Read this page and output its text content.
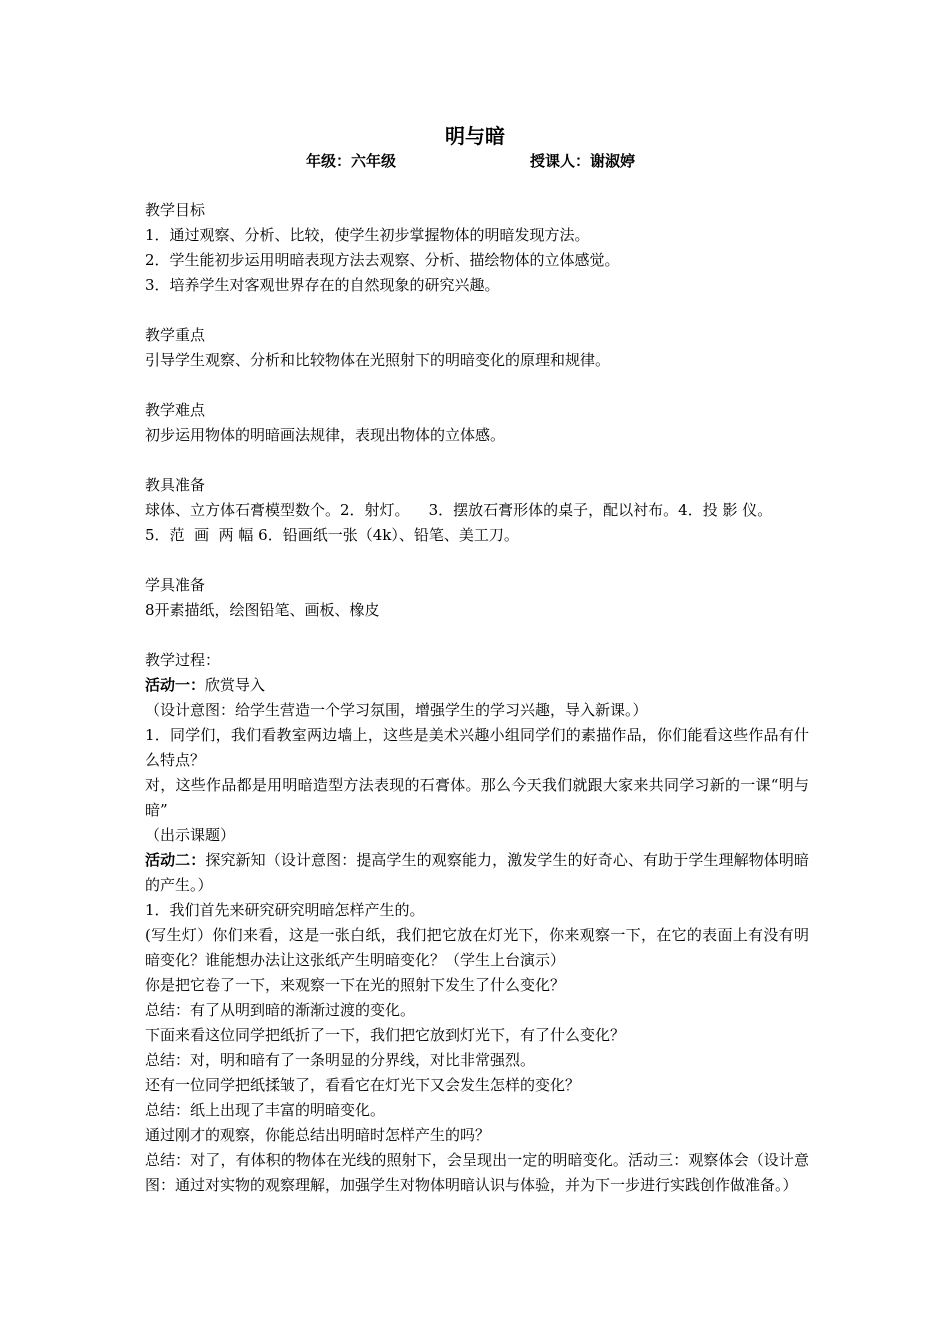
明与暗
年级：六年级	授课人：谢淑婷

教学目标

1．通过观察、分析、比较，使学生初步掌握物体的明暗发现方法。

2．学生能初步运用明暗表现方法去观察、分析、描绘物体的立体感觉。

3．培养学生对客观世界存在的自然现象的研究兴趣。

教学重点

引导学生观察、分析和比较物体在光照射下的明暗变化的原理和规律。

教学难点

初步运用物体的明暗画法规律，表现出物体的立体感。

教具准备

球体、立方体石膏模型数个。2．射灯。    3．摆放石膏形体的桌子，配以衬布。4．投 影 仪。

5．范  画  两 幅 6．铅画纸一张（4k）、铅笔、美工刀。

学具准备

8开素描纸，绘图铅笔、画板、橡皮

教学过程：

活动一：欣赏导入

（设计意图：给学生营造一个学习氛围，增强学生的学习兴趣，导入新课。）

1．同学们，我们看教室两边墙上，这些是美术兴趣小组同学们的素描作品，你们能看这些作品有什么特点？

对，这些作品都是用明暗造型方法表现的石膏体。那么今天我们就跟大家来共同学习新的一课“明与暗”

（出示课题）

活动二：探究新知（设计意图：提高学生的观察能力，激发学生的好奇心、有助于学生理解物体明暗的产生。）

1．我们首先来研究研究明暗怎样产生的。

(写生灯）你们来看，这是一张白纸，我们把它放在灯光下，你来观察一下，在它的表面上有没有明暗变化？谁能想办法让这张纸产生明暗变化？（学生上台演示）

你是把它卷了一下，来观察一下在光的照射下发生了什么变化？

总结：有了从明到暗的渐渐过渡的变化。

下面来看这位同学把纸折了一下，我们把它放到灯光下，有了什么变化？

总结：对，明和暗有了一条明显的分界线，对比非常强烈。

还有一位同学把纸揉皱了，看看它在灯光下又会发生怎样的变化？

总结：纸上出现了丰富的明暗变化。

通过刚才的观察，你能总结出明暗时怎样产生的吗？

总结：对了，有体积的物体在光线的照射下，会呈现出一定的明暗变化。活动三：观察体会（设计意图：通过对实物的观察理解，加强学生对物体明暗认识与体验，并为下一步进行实践创作做准备。）
